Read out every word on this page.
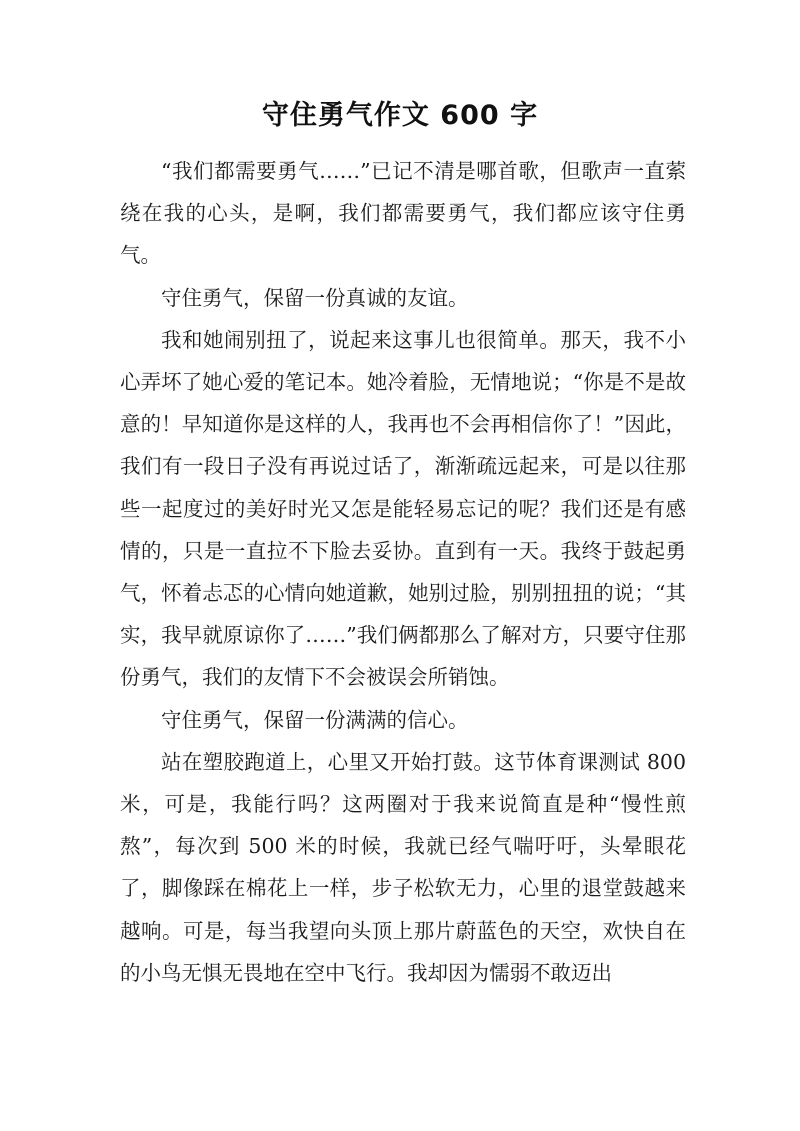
守住勇气作文 600 字

“我们都需要勇气……”已记不清是哪首歌，但歌声一直萦绕在我的心头，是啊，我们都需要勇气，我们都应该守住勇气。

守住勇气，保留一份真诚的友谊。

我和她闹别扭了，说起来这事儿也很简单。那天，我不小心弄坏了她心爱的笔记本。她冷着脸，无情地说；“你是不是故意的！早知道你是这样的人，我再也不会再相信你了！”因此，我们有一段日子没有再说过话了，渐渐疏远起来，可是以往那些一起度过的美好时光又怎是能轻易忘记的呢？我们还是有感情的，只是一直拉不下脸去妥协。直到有一天。我终于鼓起勇气，怀着忐忑的心情向她道歉，她别过脸，别别扭扭的说；“其实，我早就原谅你了……”我们俩都那么了解对方，只要守住那份勇气，我们的友情下不会被误会所销蚀。

守住勇气，保留一份满满的信心。

站在塑胶跑道上，心里又开始打鼓。这节体育课测试 800 米，可是，我能行吗？这两圈对于我来说简直是种“慢性煎熬”，每次到 500 米的时候，我就已经气喘吁吁，头晕眼花了，脚像踩在棉花上一样，步子松软无力，心里的退堂鼓越来越响。可是，每当我望向头顶上那片蔚蓝色的天空，欢快自在的小鸟无惧无畏地在空中飞行。我却因为懦弱不敢迈出
